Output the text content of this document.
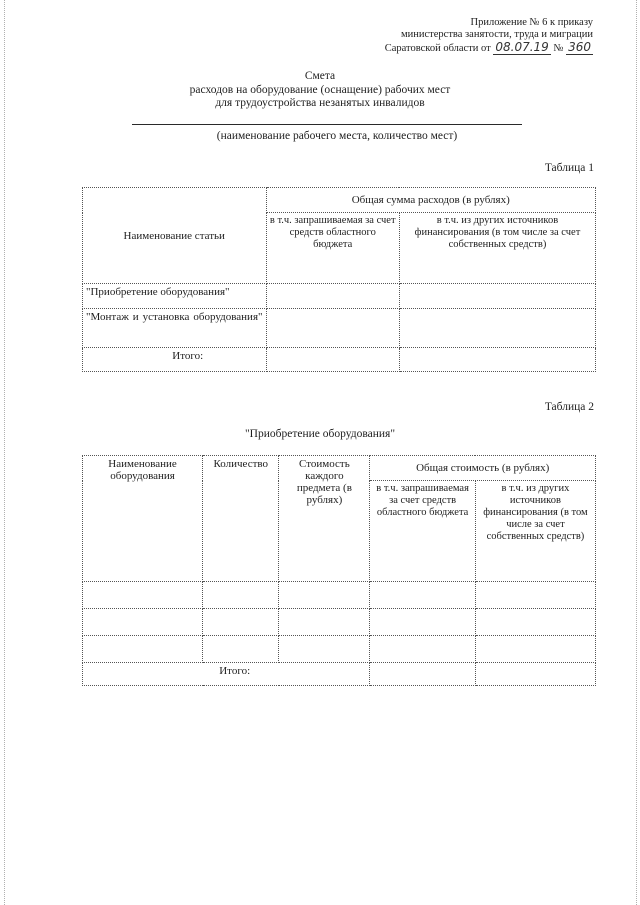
Приложение № 6 к приказу
министерства занятости, труда и миграции
Саратовской области от 08.07.19 № 360
Смета
расходов на оборудование (оснащение) рабочих мест
для трудоустройства незанятых инвалидов
(наименование рабочего места, количество мест)
Таблица 1
Наименование статьи	Общая сумма расходов (в рублях)	
	в т.ч. запрашиваемая за счет средств областного бюджета	в т.ч. из других источников финансирования (в том числе за счет собственных средств)
"Приобретение оборудования"		
"Монтаж и установка оборудования"		
Итого:		
Таблица 2
"Приобретение оборудования"
Наименование оборудования	Количество	Стоимость каждого предмета (в рублях)	Общая стоимость (в рублях)	
			в т.ч. запрашиваемая за счет средств областного бюджета	в т.ч. из других источников финансирования (в том числе за счет собственных средств)

Итого:				
